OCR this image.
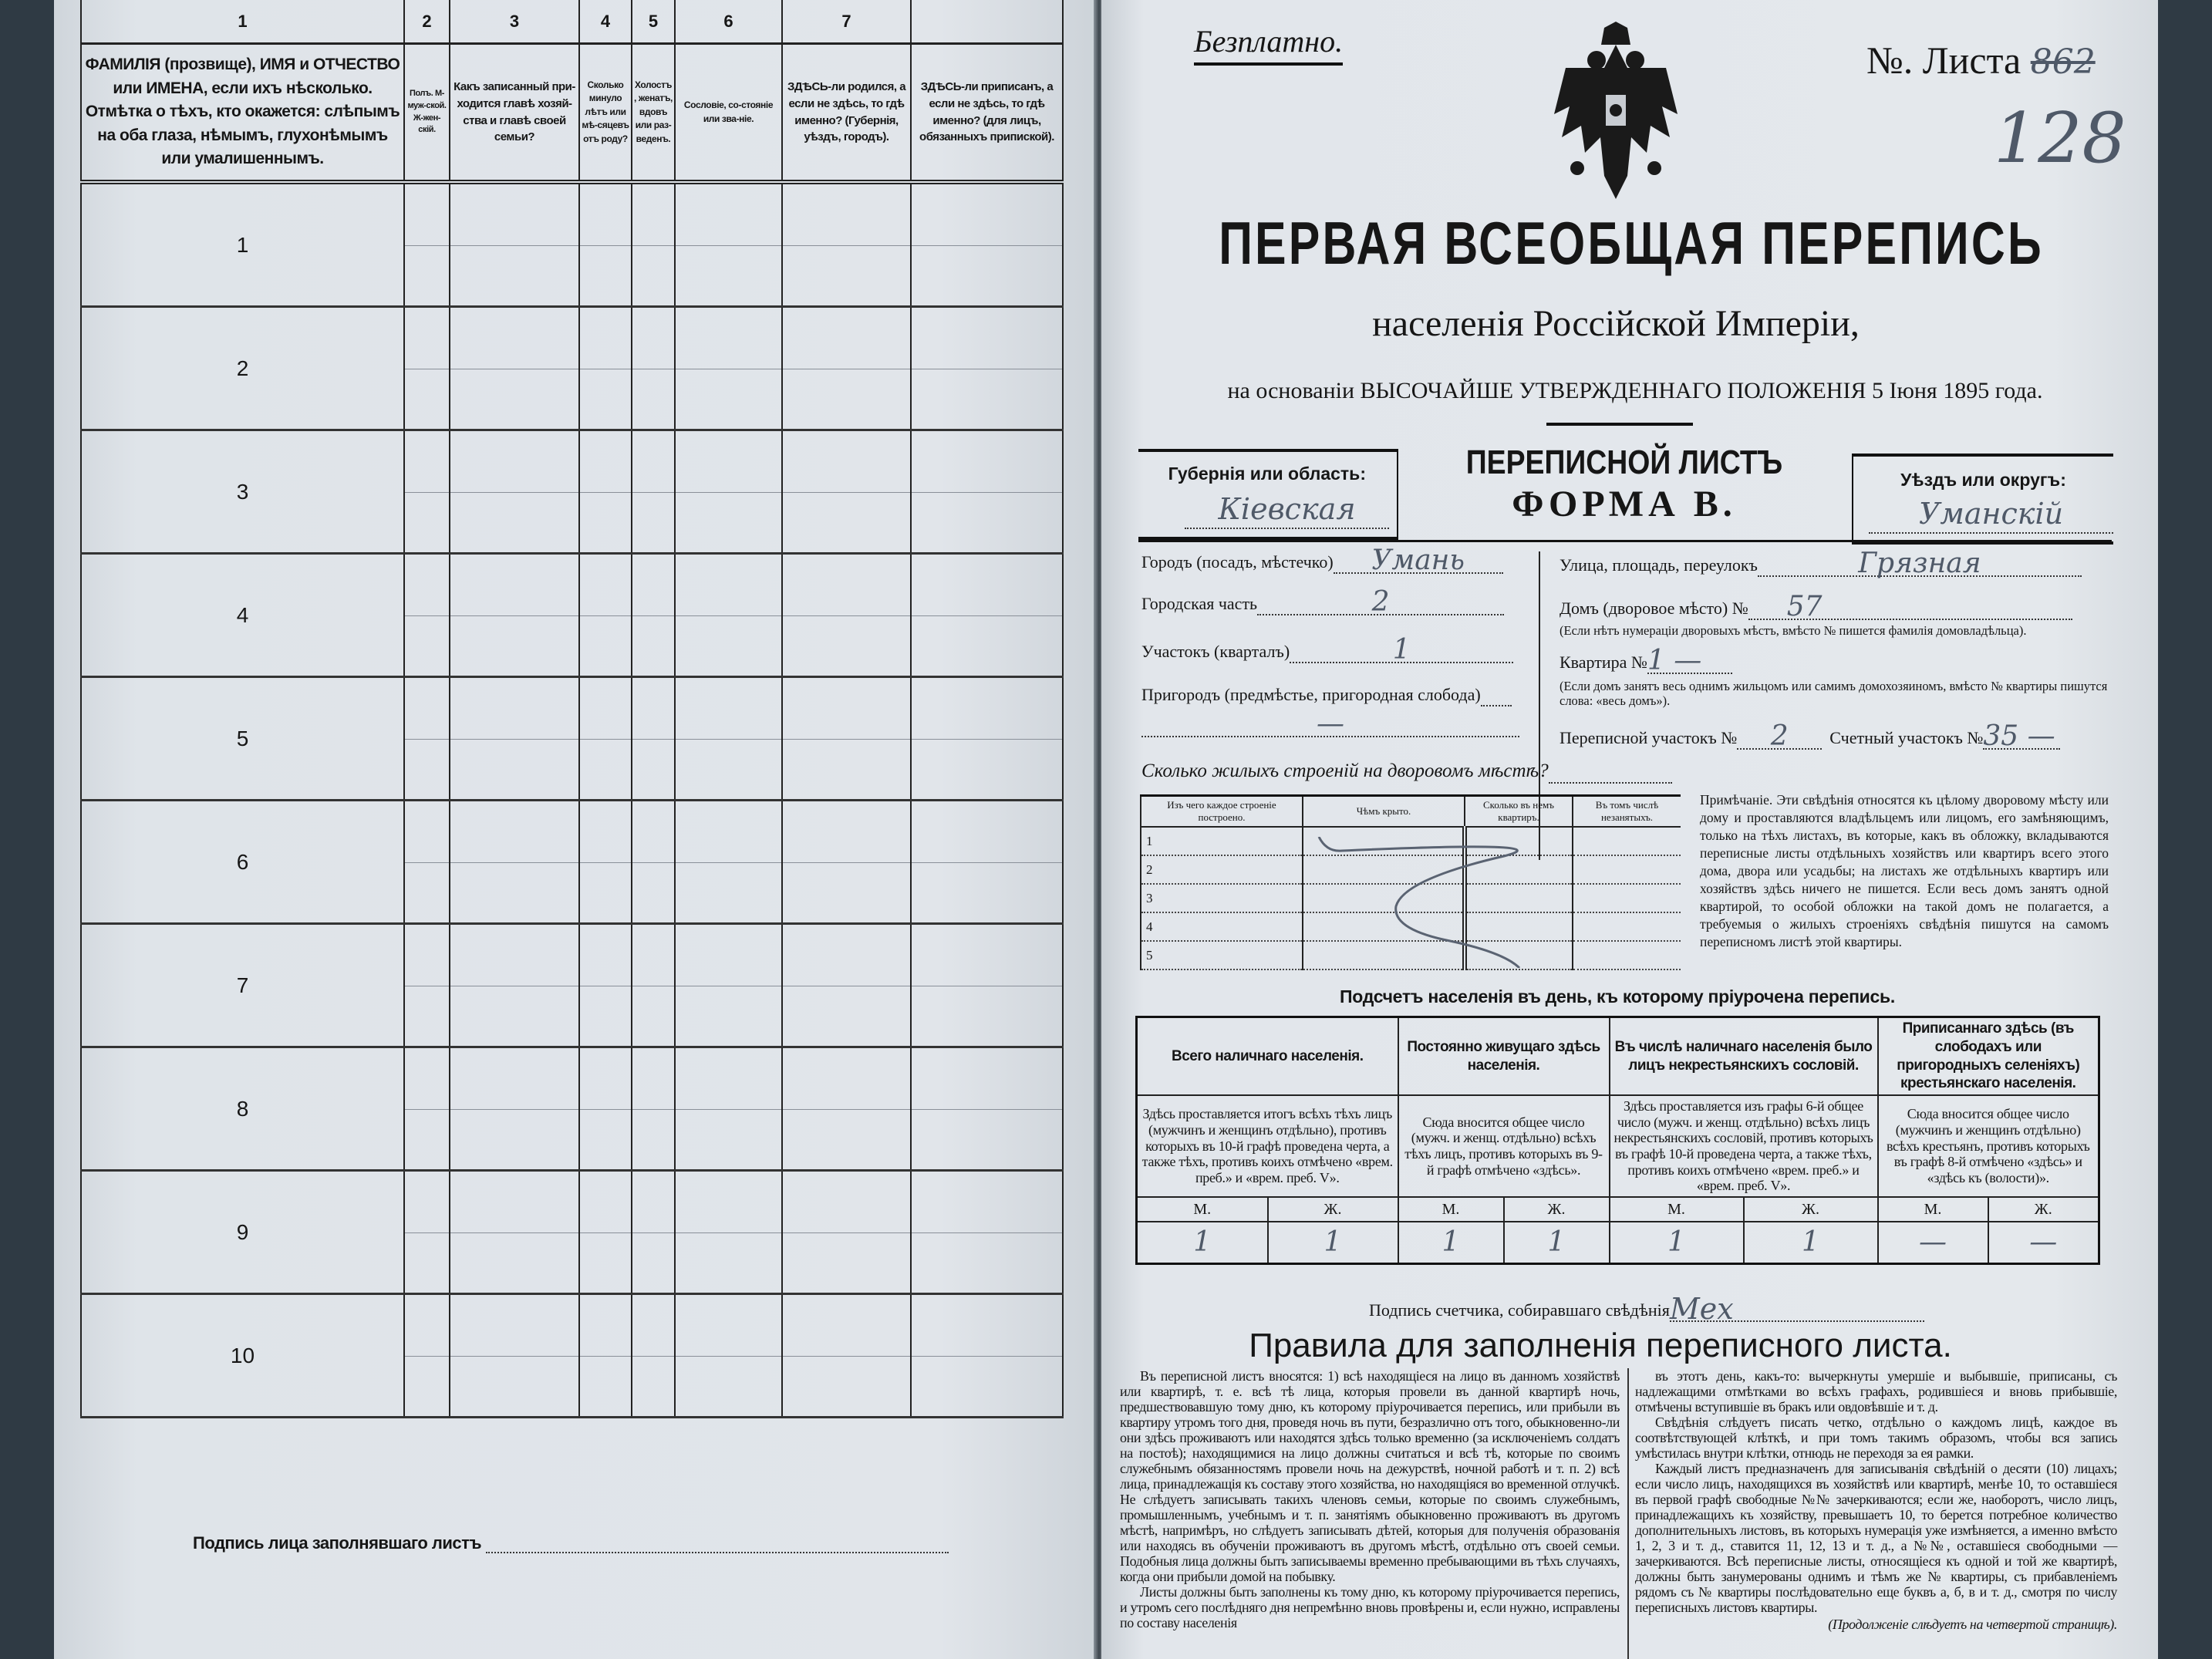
1	2	3	4	5	6	7	
ФАМИЛІЯ (прозвище), ИМЯ и ОТЧЕСТВО или ИМЕНА, если ихъ нѣсколько. Отмѣтка о тѣхъ, кто окажется: слѣпымъ на оба глаза, нѣмымъ, глухонѣмымъ или умалишеннымъ.	Полъ. М-муж-ской. Ж-жен-скій.	Какъ записанный при-ходится главѣ хозяй-ства и главѣ своей семьи?	Сколько минуло лѣтъ или мѣ-сяцевъ отъ роду?	Холостъ, женатъ, вдовъ или раз-веденъ.	Сословіе, со-стояніе или зва-ніе.	ЗДѢСЬ-ли родился, а если не здѣсь, то гдѣ именно? (Губернія, уѣздъ, городъ).	ЗДѢСЬ-ли приписанъ, а если не здѣсь, то гдѣ именно? (для лицъ, обязанныхъ припиской).
1	

2	

3	

4	

5	

6	

7	

8	

9	

10	

Подпись лица заполнявшаго листъ
Безплатно.	№. Листа 862
128
ПЕРВАЯ ВСЕОБЩАЯ ПЕРЕПИСЬ
населенія Россійской Имперіи,
на основаніи ВЫСОЧАЙШЕ УТВЕРЖДЕННАГО ПОЛОЖЕНІЯ 5 Іюня 1895 года.
Губернія или область:
Кіевская
ПЕРЕПИСНОЙ ЛИСТЪ
ФОРМА В.
Уѣздъ или округъ:
Уманскій
Городъ (посадъ, мѣстечко) Умань
Городская часть	2
Участокъ (кварталъ)	1
Пригородъ (предмѣстье, пригородная слобода)
—
Улица, площадь, переулокъ	Грязная
Домъ (дворовое мѣсто) № 57
(Если нѣтъ нумераціи дворовыхъ мѣстъ, вмѣсто № пишется фамилія домовладѣльца).
Квартира №1 —
(Если домъ занятъ весь однимъ жильцомъ или самимъ домохозяиномъ, вмѣсто № квартиры пишутся слова: «весь домъ»).
Переписной участокъ № 2 Счетный участокъ №35 —
Сколько жилыхъ строеній на дворовомъ мѣстѣ?
Изъ чего каждое строеніе построено.	Чѣмъ крыто.	Сколько въ немъ квартиръ.	Въ томъ числѣ незанятыхъ.
1			
2			
3			
4			
5			
Примѣчаніе. Эти свѣдѣнія относятся къ цѣлому дворовому мѣсту или дому и проставляются владѣльцемъ или лицомъ, его замѣняющимъ, только на тѣхъ листахъ, въ которые, какъ въ обложку, вкладываются переписные листы отдѣльныхъ хозяйствъ или квартиръ всего этого дома, двора или усадьбы; на листахъ же отдѣльныхъ квартиръ или хозяйствъ здѣсь ничего не пишется. Если весь домъ занятъ одной квартирой, то особой обложки на такой домъ не полагается, а требуемыя о жилыхъ строеніяхъ свѣдѣнія пишутся на самомъ переписномъ листѣ этой квартиры.
Подсчетъ населенія въ день, къ которому пріурочена перепись.
Всего наличнаго населенія.		Постоянно живущаго здѣсь населенія.		Въ числѣ наличнаго населенія было лицъ некрестьянскихъ сословій.		Приписаннаго здѣсь (въ слободахъ или пригородныхъ селеніяхъ) крестьянскаго населенія.	
Здѣсь проставляется итогъ всѣхъ тѣхъ лицъ (мужчинъ и женщинъ отдѣльно), противъ которыхъ въ 10-й графѣ проведена черта, а также тѣхъ, противъ коихъ отмѣчено «врем. преб.» и «врем. преб. V».		Сюда вносится общее число (мужч. и женщ. отдѣльно) всѣхъ тѣхъ лицъ, противъ которыхъ въ 9-й графѣ отмѣчено «здѣсь».		Здѣсь проставляется изъ графы 6-й общее число (мужч. и женщ. отдѣльно) всѣхъ лицъ некрестьянскихъ сословій, противъ которыхъ въ графѣ 10-й проведена черта, а также тѣхъ, противъ коихъ отмѣчено «врем. преб.» и «врем. преб. V».		Сюда вносится общее число (мужчинъ и женщинъ отдѣльно) всѣхъ крестьянъ, противъ которыхъ въ графѣ 8-й отмѣчено «здѣсь» и «здѣсь къ (волости)».	
М.	Ж.	М.	Ж.	М.	Ж.	М.	Ж.
1	1	1	1	1	1	—	—
Подпись счетчика, собиравшаго свѣдѣніяМех
Правила для заполненія переписного листа.

Въ переписной листъ вносятся: 1) всѣ находящіеся на лицо въ данномъ хозяйствѣ или квартирѣ, т. е. всѣ тѣ лица, которыя провели въ данной квартирѣ ночь, предшествовавшую тому дню, къ которому пріурочивается перепись, или прибыли въ квартиру утромъ того дня, проведя ночь въ пути, безразлично отъ того, обыкновенно-ли они здѣсь проживаютъ или находятся здѣсь только временно (за исключеніемъ солдатъ на постоѣ); находящимися на лицо должны считаться и всѣ тѣ, которые по своимъ служебнымъ обязанностямъ провели ночь на дежурствѣ, ночной работѣ и т. п. 2) всѣ лица, принадлежащія къ составу этого хозяйства, но находящіяся во временной отлучкѣ. Не слѣдуетъ записывать такихъ членовъ семьи, которые по своимъ служебнымъ, промышленнымъ, учебнымъ и т. п. занятіямъ обыкновенно проживаютъ въ другомъ мѣстѣ, напримѣръ, но слѣдуетъ записывать дѣтей, которыя для полученія образованія или находясь въ обученіи проживаютъ въ другомъ мѣстѣ, отдѣльно отъ своей семьи. Подобныя лица должны быть записываемы временно пребывающими въ тѣхъ случаяхъ, когда они прибыли домой на побывку.

Листы должны быть заполнены къ тому дню, къ которому пріурочивается перепись, и утромъ сего послѣдняго дня непремѣнно вновь провѣрены и, если нужно, исправлены по составу населенія

въ этотъ день, какъ-то: вычеркнуты умершіе и выбывшіе, приписаны, съ надлежащими отмѣтками во всѣхъ графахъ, родившіеся и вновь прибывшіе, отмѣчены вступившіе въ бракъ или овдовѣвшіе и т. д.

Свѣдѣнія слѣдуетъ писать четко, отдѣльно о каждомъ лицѣ, каждое въ соотвѣтствующей клѣткѣ, и при томъ такимъ образомъ, чтобы вся запись умѣстилась внутри клѣтки, отнюдь не переходя за ея рамки.

Каждый листъ предназначенъ для записыванія свѣдѣній о десяти (10) лицахъ; если число лицъ, находящихся въ хозяйствѣ или квартирѣ, менѣе 10, то оставшіеся въ первой графѣ свободные №№ зачеркиваются; если же, наоборотъ, число лицъ, принадлежащихъ къ хозяйству, превышаетъ 10, то берется потребное количество дополнительныхъ листовъ, въ которыхъ нумерація уже измѣняется, а именно вмѣсто 1, 2, 3 и т. д., ставится 11, 12, 13 и т. д., а №№, оставшіеся свободными — зачеркиваются. Всѣ переписные листы, относящіеся къ одной и той же квартирѣ, должны быть занумерованы однимъ и тѣмъ же № квартиры, съ прибавленіемъ рядомъ съ № квартиры послѣдовательно еще буквъ а, б, в и т. д., смотря по числу переписныхъ листовъ квартиры.

(Продолженіе слѣдуетъ на четвертой страницѣ).
